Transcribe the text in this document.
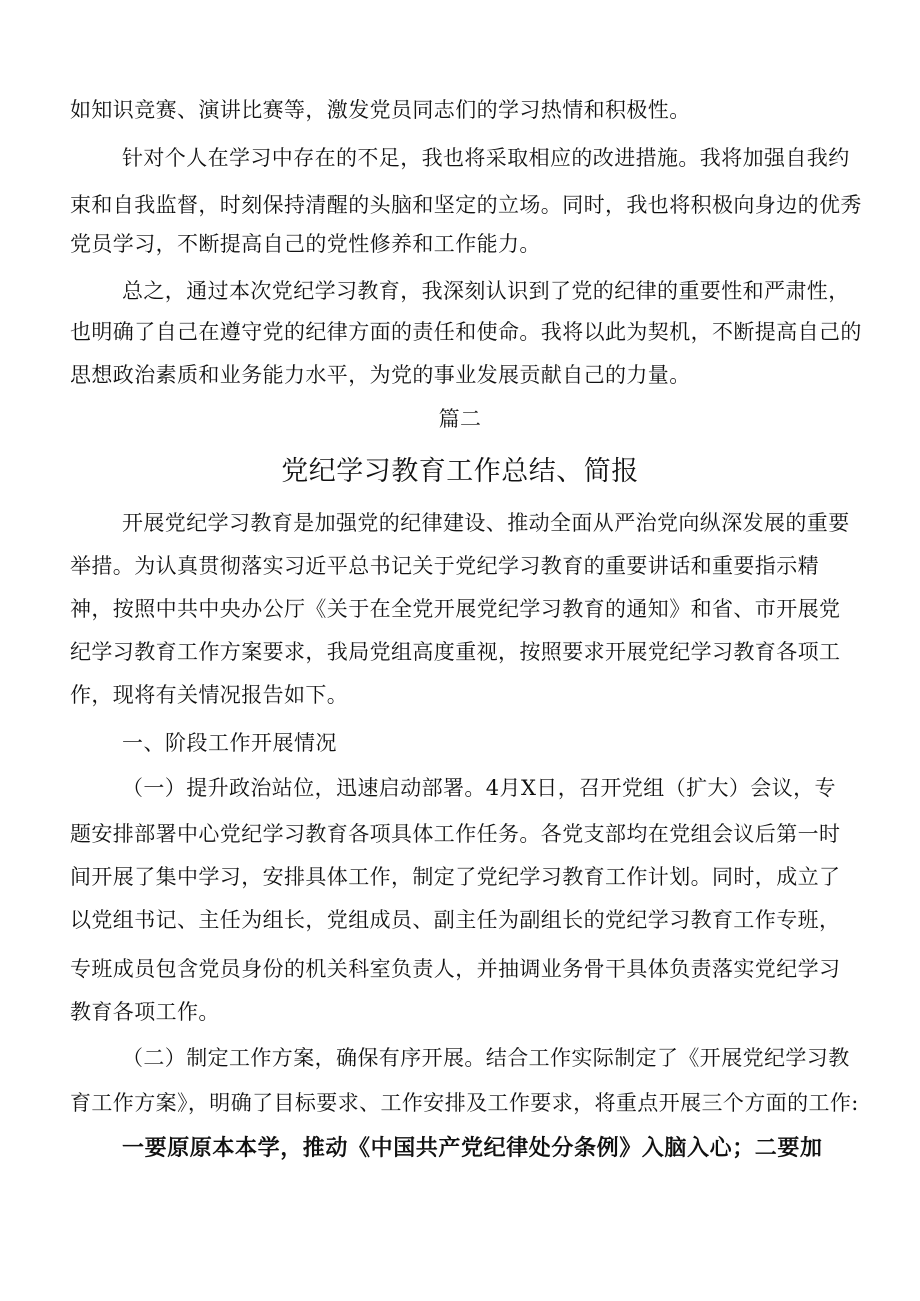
如知识竞赛、演讲比赛等，激发党员同志们的学习热情和积极性。
针对个人在学习中存在的不足，我也将采取相应的改进措施。我将加强自我约
束和自我监督，时刻保持清醒的头脑和坚定的立场。同时，我也将积极向身边的优秀
党员学习，不断提高自己的党性修养和工作能力。
总之，通过本次党纪学习教育，我深刻认识到了党的纪律的重要性和严肃性，
也明确了自己在遵守党的纪律方面的责任和使命。我将以此为契机，不断提高自己的
思想政治素质和业务能力水平，为党的事业发展贡献自己的力量。
篇二
党纪学习教育工作总结、简报
开展党纪学习教育是加强党的纪律建设、推动全面从严治党向纵深发展的重要
举措。为认真贯彻落实习近平总书记关于党纪学习教育的重要讲话和重要指示精
神，按照中共中央办公厅《关于在全党开展党纪学习教育的通知》和省、市开展党
纪学习教育工作方案要求，我局党组高度重视，按照要求开展党纪学习教育各项工
作，现将有关情况报告如下。
一、阶段工作开展情况
（一）提升政治站位，迅速启动部署。4月X日，召开党组（扩大）会议，专
题安排部署中心党纪学习教育各项具体工作任务。各党支部均在党组会议后第一时
间开展了集中学习，安排具体工作，制定了党纪学习教育工作计划。同时，成立了
以党组书记、主任为组长，党组成员、副主任为副组长的党纪学习教育工作专班，
专班成员包含党员身份的机关科室负责人，并抽调业务骨干具体负责落实党纪学习
教育各项工作。
（二）制定工作方案，确保有序开展。结合工作实际制定了《开展党纪学习教
育工作方案》，明确了目标要求、工作安排及工作要求，将重点开展三个方面的工作:
一要原原本本学，推动《中国共产党纪律处分条例》入脑入心；二要加
